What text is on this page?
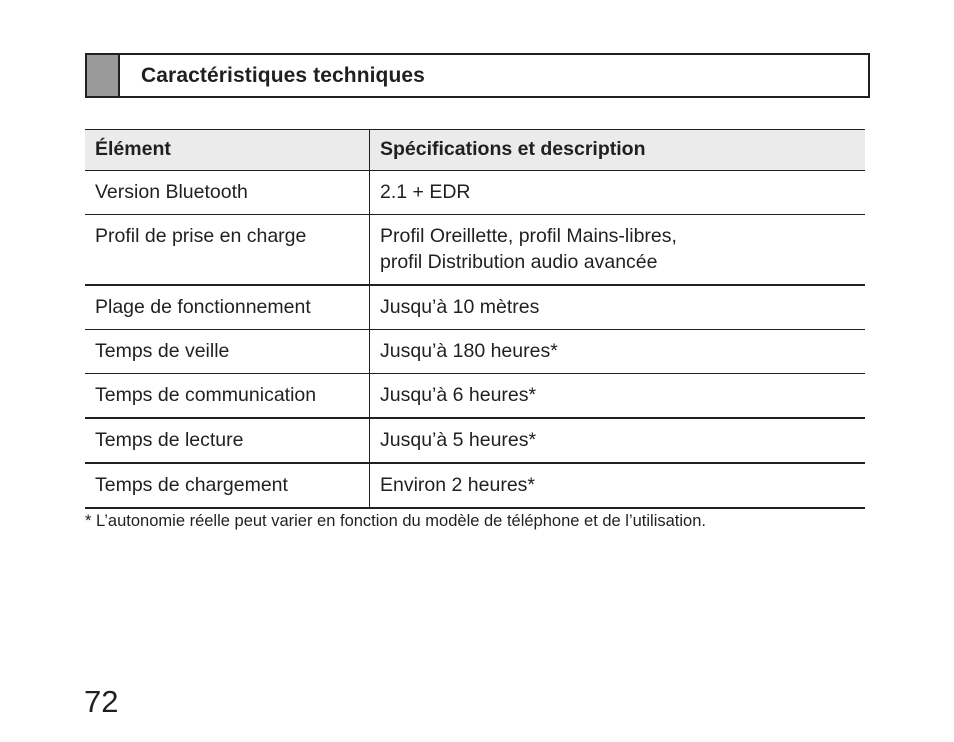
Caractéristiques techniques
Élément	Spécifications et description
Version Bluetooth	2.1 + EDR
Profil de prise en charge	Profil Oreillette, profil Mains-libres,
profil Distribution audio avancée

Plage de fonctionnement	Jusqu’à 10 mètres
Temps de veille	Jusqu’à 180 heures*
Temps de communication	Jusqu’à 6 heures*
Temps de lecture	Jusqu’à 5 heures*
Temps de chargement	Environ 2 heures*
* L’autonomie réelle peut varier en fonction du modèle de téléphone et de l’utilisation.
72
